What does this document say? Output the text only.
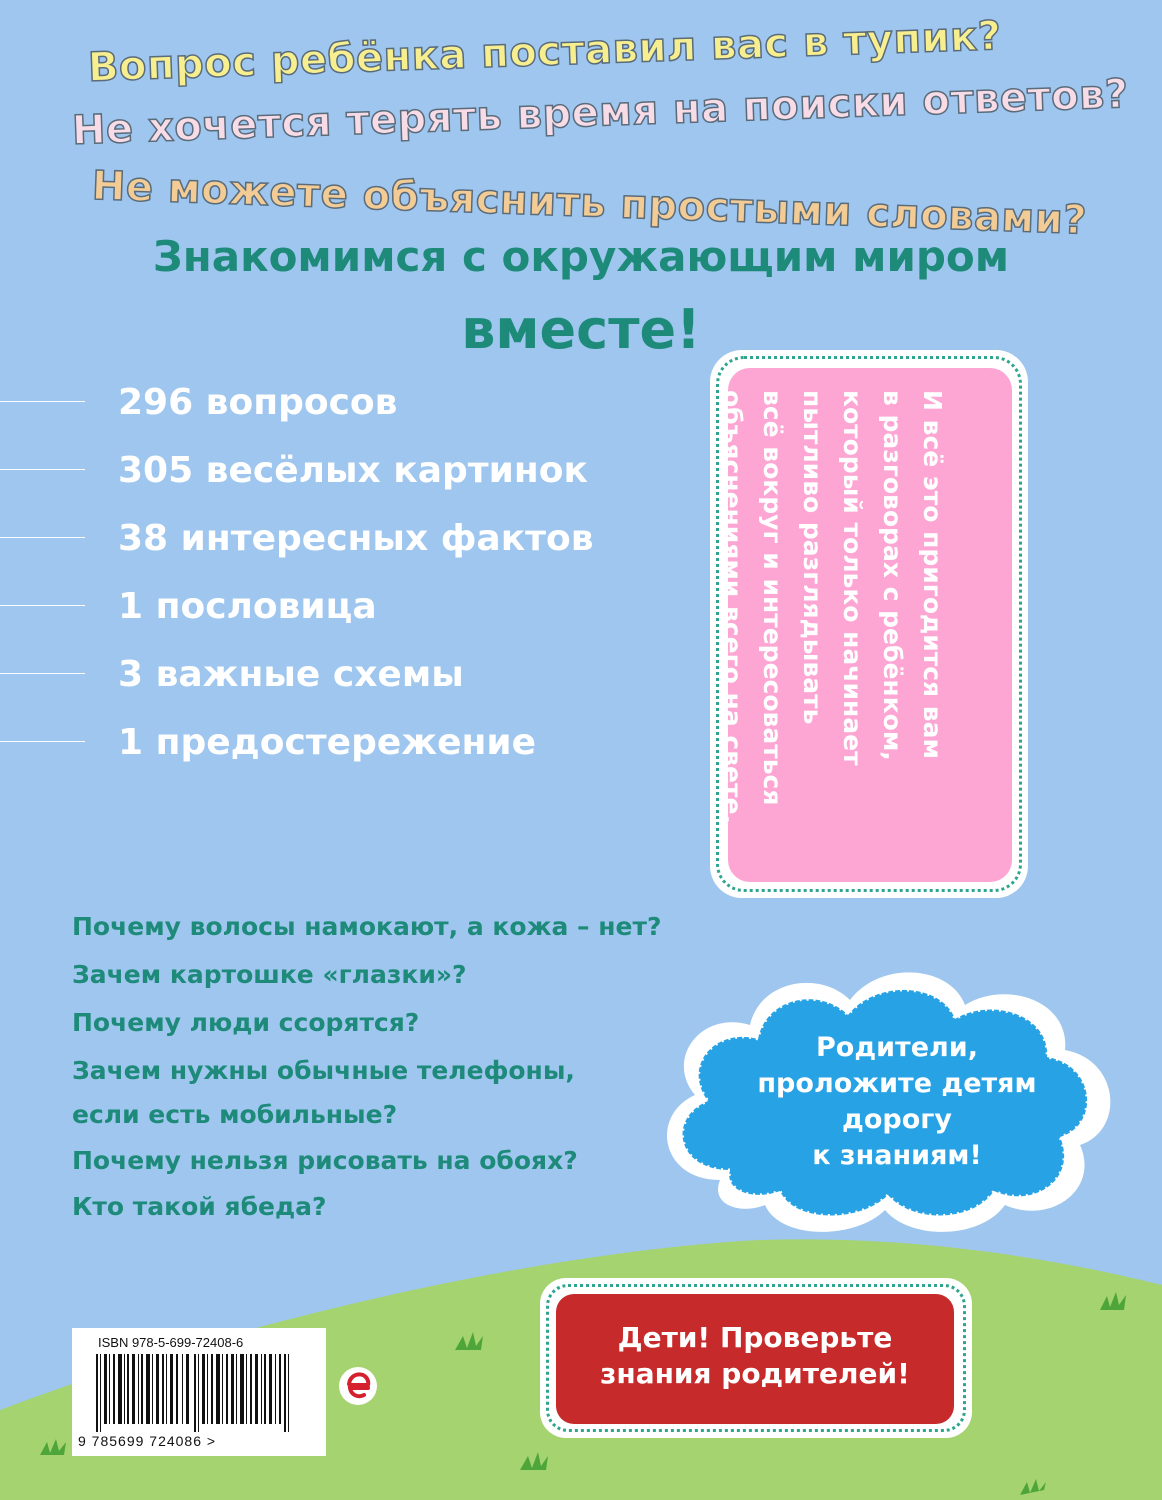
Вопрос ребёнка поставил вас в тупик?
Не хочется терять время на поиски ответов?
Не можете объяснить простыми словами?
Знакомимся с окружающим миром
вместе!
296 вопросов
305 весёлых картинок
38 интересных фактов
1 пословица
3 важные схемы
1 предостережение	И всё это пригодится вам
в разговорах с ребёнком,
который только начинает
пытливо разглядывать
всё вокруг и интересоваться
объяснениями всего на свете.
Почему волосы намокают, а кожа – нет?
Зачем картошке «глазки»?
Почему люди ссорятся?
Зачем нужны обычные телефоны,
если есть мобильные?
Почему нельзя рисовать на обоях?
Кто такой ябеда?
Родители,
проложите детям
дорогу
к знаниям!
ISBN 978-5-699-72408-6
9 785699 724086 >
Дети! Проверьте
знания родителей!
